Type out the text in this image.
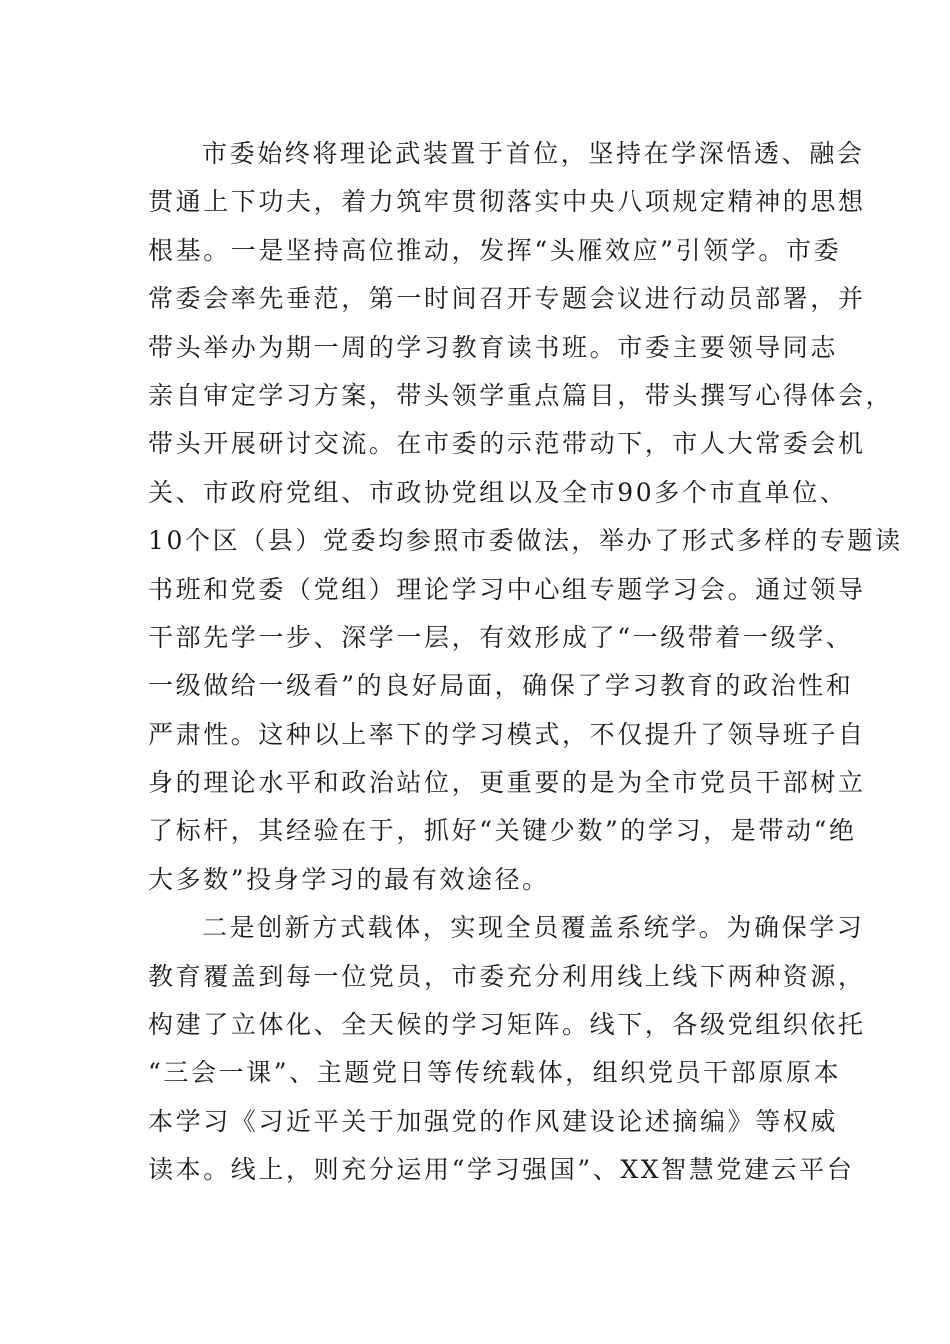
市委始终将理论武装置于首位，坚持在学深悟透、融会
贯通上下功夫，着力筑牢贯彻落实中央八项规定精神的思想
根基。一是坚持高位推动，发挥“头雁效应”引领学。市委
常委会率先垂范，第一时间召开专题会议进行动员部署，并
带头举办为期一周的学习教育读书班。市委主要领导同志
亲自审定学习方案，带头领学重点篇目，带头撰写心得体会，
带头开展研讨交流。在市委的示范带动下，市人大常委会机
关、市政府党组、市政协党组以及全市90多个市直单位、
10个区（县）党委均参照市委做法，举办了形式多样的专题读
书班和党委（党组）理论学习中心组专题学习会。通过领导
干部先学一步、深学一层，有效形成了“一级带着一级学、
一级做给一级看”的良好局面，确保了学习教育的政治性和
严肃性。这种以上率下的学习模式，不仅提升了领导班子自
身的理论水平和政治站位，更重要的是为全市党员干部树立
了标杆，其经验在于，抓好“关键少数”的学习，是带动“绝
大多数”投身学习的最有效途径。
二是创新方式载体，实现全员覆盖系统学。为确保学习
教育覆盖到每一位党员，市委充分利用线上线下两种资源，
构建了立体化、全天候的学习矩阵。线下，各级党组织依托
“三会一课”、主题党日等传统载体，组织党员干部原原本
本学习《习近平关于加强党的作风建设论述摘编》等权威
读本。线上，则充分运用“学习强国”、XX智慧党建云平台
